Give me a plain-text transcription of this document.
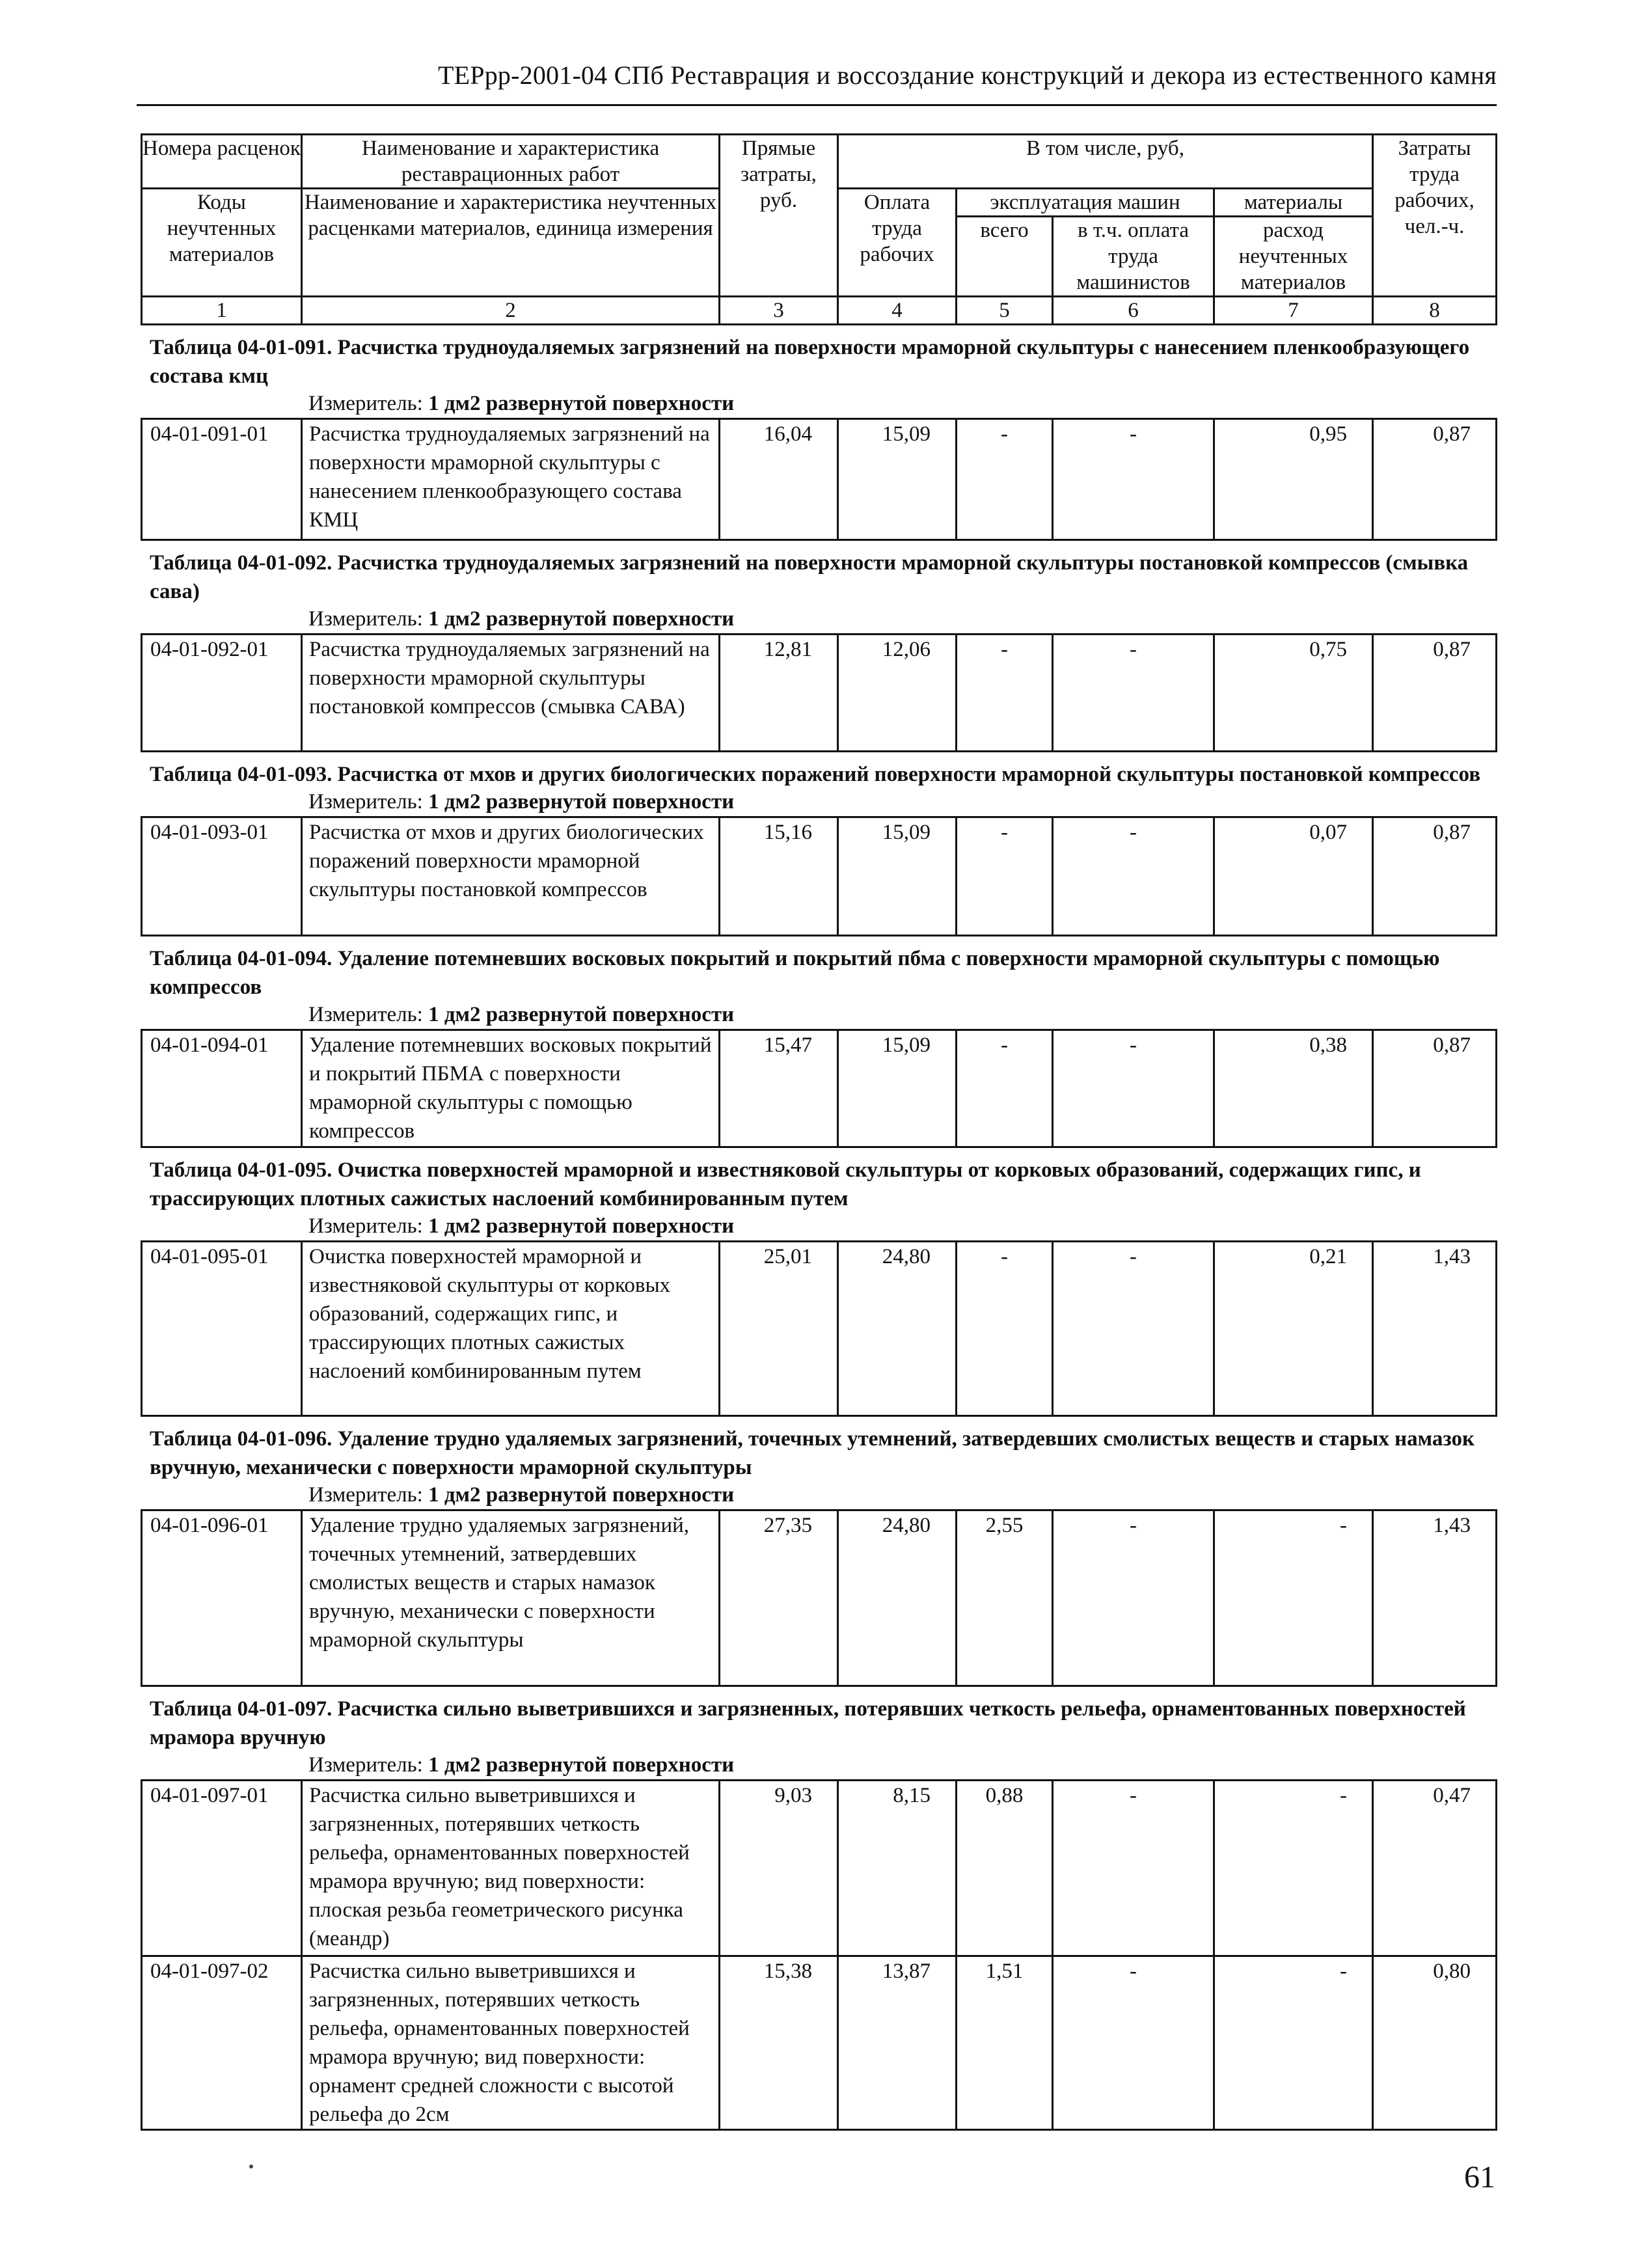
ТЕРрр-2001-04 СПб Реставрация и воссоздание конструкций и декора из естественного камня
Номера расценок	Наименование и характеристика реставрационных работ	Прямые затраты, руб.	В том числе, руб,				Затраты труда рабочих, чел.-ч.
Коды неучтенных материалов	Наименование и характеристика неучтенных расценками материалов, единица измерения		Оплата труда рабочих	эксплуатация машин		материалы	
				всего	в т.ч. оплата труда машинистов	расход неучтенных материалов	
1	2	3	4	5	6	7	8
Таблица 04-01-091. Расчистка трудноудаляемых загрязнений на поверхности мраморной скульптуры с нанесением пленкообразующего состава кмц
Измеритель: 1 дм2 развернутой поверхности
04-01-091-01	Расчистка трудноудаляемых загрязнений на поверхности мраморной скульптуры с нанесением пленкообразующего состава КМЦ	16,04	15,09	-	-	0,95	0,87
Таблица 04-01-092. Расчистка трудноудаляемых загрязнений на поверхности мраморной скульптуры постановкой компрессов (смывка сава)
Измеритель: 1 дм2 развернутой поверхности
04-01-092-01	Расчистка трудноудаляемых загрязнений на поверхности мраморной скульптуры постановкой компрессов (смывка САВА)	12,81	12,06	-	-	0,75	0,87
Таблица 04-01-093. Расчистка от мхов и других биологических поражений поверхности мраморной скульптуры постановкой компрессов
Измеритель: 1 дм2 развернутой поверхности
04-01-093-01	Расчистка от мхов и других биологических поражений поверхности мраморной скульптуры постановкой компрессов	15,16	15,09	-	-	0,07	0,87
Таблица 04-01-094. Удаление потемневших восковых покрытий и покрытий пбма с поверхности мраморной скульптуры с помощью компрессов
Измеритель: 1 дм2 развернутой поверхности
04-01-094-01	Удаление потемневших восковых покрытий и покрытий ПБМА с поверхности мраморной скульптуры с помощью компрессов	15,47	15,09	-	-	0,38	0,87
Таблица 04-01-095. Очистка поверхностей мраморной и известняковой скульптуры от корковых образований, содержащих гипс, и трассирующих плотных сажистых наслоений комбинированным путем
Измеритель: 1 дм2 развернутой поверхности
04-01-095-01	Очистка поверхностей мраморной и известняковой скульптуры от корковых образований, содержащих гипс, и трассирующих плотных сажистых наслоений комбинированным путем	25,01	24,80	-	-	0,21	1,43
Таблица 04-01-096. Удаление трудно удаляемых загрязнений, точечных утемнений, затвердевших смолистых веществ и старых намазок вручную, механически с поверхности мраморной скульптуры
Измеритель: 1 дм2 развернутой поверхности
04-01-096-01	Удаление трудно удаляемых загрязнений, точечных утемнений, затвердевших смолистых веществ и старых намазок вручную, механически с поверхности мраморной скульптуры	27,35	24,80	2,55	-	-	1,43
Таблица 04-01-097. Расчистка сильно выветрившихся и загрязненных, потерявших четкость рельефа, орнаментованных поверхностей мрамора вручную
Измеритель: 1 дм2 развернутой поверхности
04-01-097-01	Расчистка сильно выветрившихся и загрязненных, потерявших четкость рельефа, орнаментованных поверхностей мрамора вручную; вид поверхности: плоская резьба геометрического рисунка (меандр)	9,03	8,15	0,88	-	-	0,47
04-01-097-02	Расчистка сильно выветрившихся и загрязненных, потерявших четкость рельефа, орнаментованных поверхностей мрамора вручную; вид поверхности: орнамент средней сложности с высотой рельефа до 2см	15,38	13,87	1,51	-	-	0,80
61
